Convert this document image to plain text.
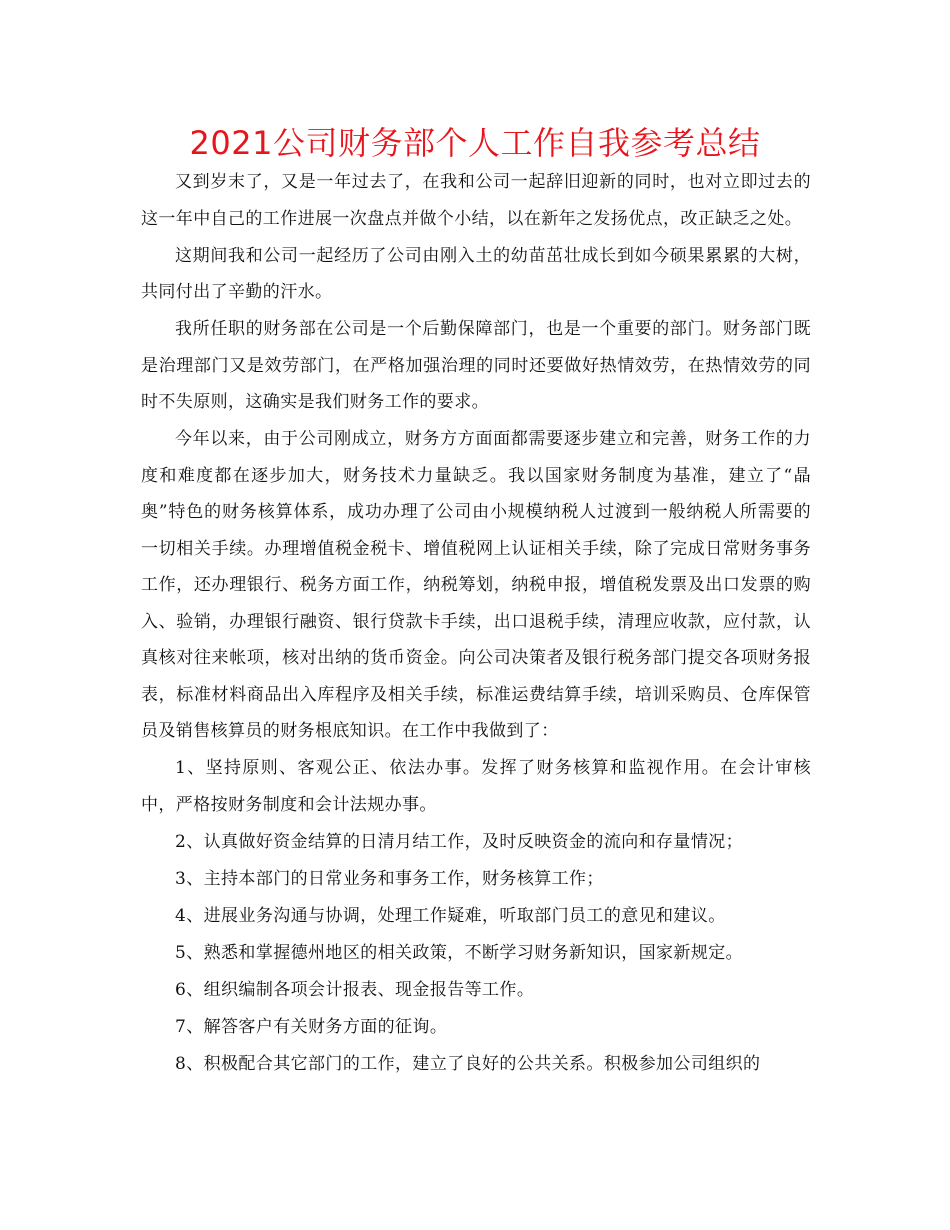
2021公司财务部个人工作自我参考总结

又到岁末了，又是一年过去了，在我和公司一起辞旧迎新的同时，也对立即过去的这一年中自己的工作进展一次盘点并做个小结，以在新年之发扬优点，改正缺乏之处。

这期间我和公司一起经历了公司由刚入土的幼苗茁壮成长到如今硕果累累的大树，共同付出了辛勤的汗水。

我所任职的财务部在公司是一个后勤保障部门，也是一个重要的部门。财务部门既是治理部门又是效劳部门，在严格加强治理的同时还要做好热情效劳，在热情效劳的同时不失原则，这确实是我们财务工作的要求。

今年以来，由于公司刚成立，财务方方面面都需要逐步建立和完善，财务工作的力度和难度都在逐步加大，财务技术力量缺乏。我以国家财务制度为基准，建立了“晶奥”特色的财务核算体系，成功办理了公司由小规模纳税人过渡到一般纳税人所需要的一切相关手续。办理增值税金税卡、增值税网上认证相关手续，除了完成日常财务事务工作，还办理银行、税务方面工作，纳税筹划，纳税申报，增值税发票及出口发票的购入、验销，办理银行融资、银行贷款卡手续，出口退税手续，清理应收款，应付款，认真核对往来帐项，核对出纳的货币资金。向公司决策者及银行税务部门提交各项财务报表，标准材料商品出入库程序及相关手续，标准运费结算手续，培训采购员、仓库保管员及销售核算员的财务根底知识。在工作中我做到了：

1、坚持原则、客观公正、依法办事。发挥了财务核算和监视作用。在会计审核中，严格按财务制度和会计法规办事。

2、认真做好资金结算的日清月结工作，及时反映资金的流向和存量情况；

3、主持本部门的日常业务和事务工作，财务核算工作；

4、进展业务沟通与协调，处理工作疑难，听取部门员工的意见和建议。

5、熟悉和掌握德州地区的相关政策，不断学习财务新知识，国家新规定。

6、组织编制各项会计报表、现金报告等工作。

7、解答客户有关财务方面的征询。

8、积极配合其它部门的工作，建立了良好的公共关系。积极参加公司组织的
